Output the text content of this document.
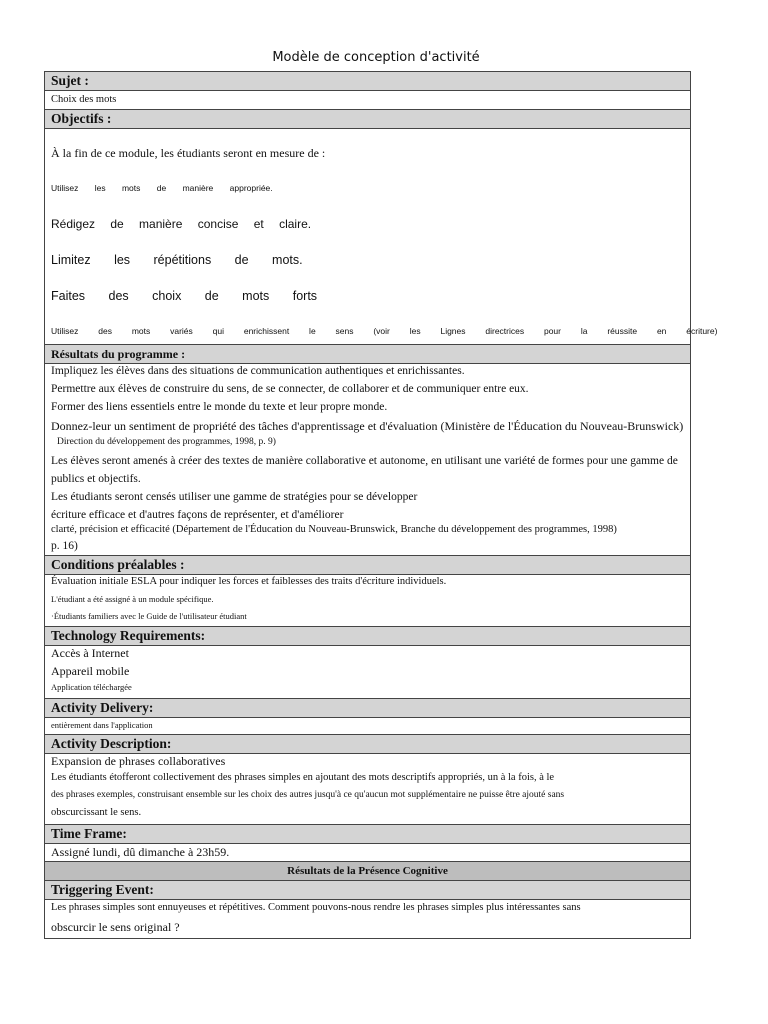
Modèle de conception d'activité
Sujet :
Choix des mots
Objectifs :
À la fin de ce module, les étudiants seront en mesure de :
Utilisez les mots de manière appropriée.
Rédigez de manière concise et claire.
Limitez les répétitions de mots.
Faites des choix de mots forts
Utilisez des mots variés qui enrichissent le sens (voir les Lignes directrices pour la réussite en écriture)
Résultats du programme :
Impliquez les élèves dans des situations de communication authentiques et enrichissantes.
Permettre aux élèves de construire du sens, de se connecter, de collaborer et de communiquer entre eux.
Former des liens essentiels entre le monde du texte et leur propre monde.
Donnez-leur un sentiment de propriété des tâches d'apprentissage et d'évaluation (Ministère de l'Éducation du Nouveau-Brunswick)
Direction du développement des programmes, 1998, p. 9)
Les élèves seront amenés à créer des textes de manière collaborative et autonome, en utilisant une variété de formes pour une gamme de
publics et objectifs.
Les étudiants seront censés utiliser une gamme de stratégies pour se développer
écriture efficace et d'autres façons de représenter, et d'améliorer
clarté, précision et efficacité (Département de l'Éducation du Nouveau-Brunswick, Branche du développement des programmes, 1998)
p. 16)
Conditions préalables :
Évaluation initiale ESLA pour indiquer les forces et faiblesses des traits d'écriture individuels.
L'étudiant a été assigné à un module spécifique.
·Étudiants familiers avec le Guide de l'utilisateur étudiant
Technology Requirements:
Accès à Internet
Appareil mobile
Application téléchargée
Activity Delivery:
entièrement dans l'application
Activity Description:
Expansion de phrases collaboratives
Les étudiants étofferont collectivement des phrases simples en ajoutant des mots descriptifs appropriés, un à la fois, à le
des phrases exemples, construisant ensemble sur les choix des autres jusqu'à ce qu'aucun mot supplémentaire ne puisse être ajouté sans
obscurcissant le sens.
Time Frame:
Assigné lundi, dû dimanche à 23h59.
Résultats de la Présence Cognitive
Triggering Event:
Les phrases simples sont ennuyeuses et répétitives. Comment pouvons-nous rendre les phrases simples plus intéressantes sans
obscurcir le sens original ?
